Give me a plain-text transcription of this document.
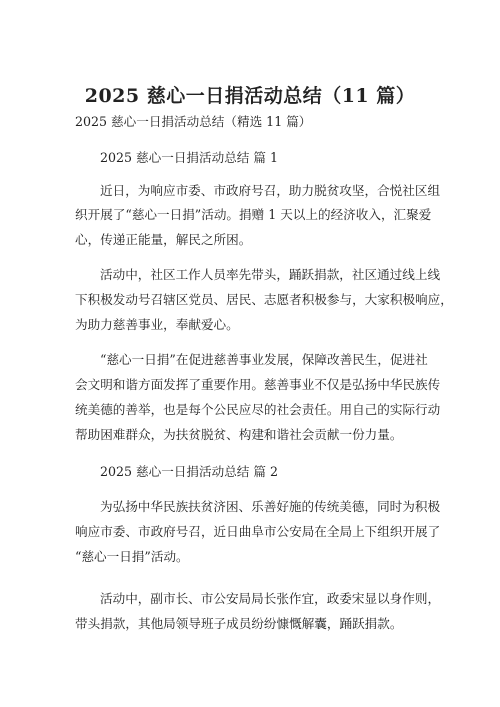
2025 慈心一日捐活动总结（11 篇）
2025 慈心一日捐活动总结（精选 11 篇）
2025 慈心一日捐活动总结 篇 1
近日，为响应市委、市政府号召，助力脱贫攻坚，合悦社区组
织开展了“慈心一日捐”活动。捐赠 1 天以上的经济收入，汇聚爱
心，传递正能量，解民之所困。
活动中，社区工作人员率先带头，踊跃捐款，社区通过线上线
下积极发动号召辖区党员、居民、志愿者积极参与，大家积极响应，
为助力慈善事业，奉献爱心。
“慈心一日捐”在促进慈善事业发展，保障改善民生，促进社
会文明和谐方面发挥了重要作用。慈善事业不仅是弘扬中华民族传
统美德的善举，也是每个公民应尽的社会责任。用自己的实际行动
帮助困难群众，为扶贫脱贫、构建和谐社会贡献一份力量。
2025 慈心一日捐活动总结 篇 2
为弘扬中华民族扶贫济困、乐善好施的传统美德，同时为积极
响应市委、市政府号召，近日曲阜市公安局在全局上下组织开展了
“慈心一日捐”活动。
活动中，副市长、市公安局局长张作宜，政委宋显以身作则，
带头捐款，其他局领导班子成员纷纷慷慨解囊，踊跃捐款。
